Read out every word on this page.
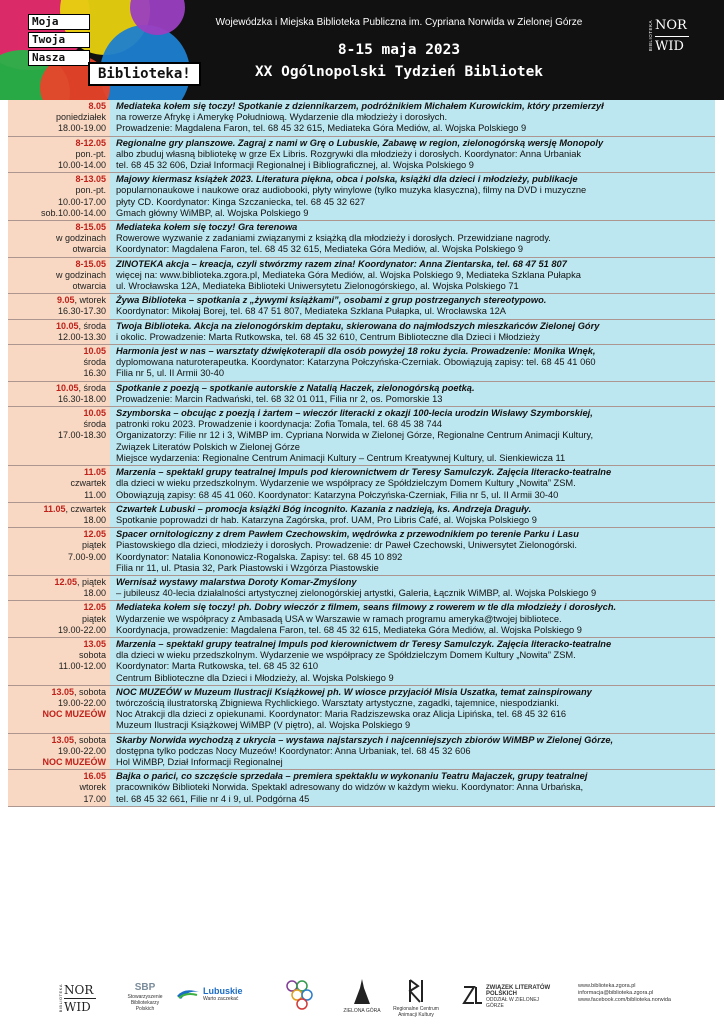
Moja
Twoja
Nasza
Biblioteka!
Wojewódzka i Miejska Biblioteka Publiczna im. Cypriana Norwida w Zielonej Górze
8-15 maja 2023
XX Ogólnopolski Tydzień Bibliotek
BIBLIOTEKA NOR
WID
8.05
poniedziałek
18.00-19.00
Mediateka kołem się toczy! Spotkanie z dziennikarzem, podróżnikiem Michałem Kurowickim, który przemierzył
na rowerze Afrykę i Amerykę Południową. Wydarzenie dla młodzieży i dorosłych.
Prowadzenie: Magdalena Faron, tel. 68 45 32 615, Mediateka Góra Mediów, al. Wojska Polskiego 9
8-12.05
pon.-pt.
10.00-14.00
Regionalne gry planszowe. Zagraj z nami w Grę o Lubuskie, Zabawę w region, zielonogórską wersję Monopoly
albo zbuduj własną bibliotekę w grze Ex Libris. Rozgrywki dla młodzieży i dorosłych. Koordynator: Anna Urbaniak
tel. 68 45 32 606, Dział Informacji Regionalnej i Bibliograficznej, al. Wojska Polskiego 9
8-13.05
pon.-pt.
10.00-17.00
sob.10.00-14.00
Majowy kiermasz książek 2023. Literatura piękna, obca i polska, książki dla dzieci i młodzieży, publikacje
popularnonaukowe i naukowe oraz audiobooki, płyty winylowe (tylko muzyka klasyczna), filmy na DVD i muzyczne
płyty CD. Koordynator: Kinga Szczaniecka, tel. 68 45 32 627
Gmach główny WiMBP, al. Wojska Polskiego 9
8-15.05
w godzinach
otwarcia
Mediateka kołem się toczy! Gra terenowa
Rowerowe wyzwanie z zadaniami związanymi z książką dla młodzieży i dorosłych. Przewidziane nagrody.
Koordynator: Magdalena Faron, tel. 68 45 32 615, Mediateka Góra Mediów, al. Wojska Polskiego 9
8-15.05
w godzinach
otwarcia
ZINOTEKA akcja – kreacja, czyli stwórzmy razem zina! Koordynator: Anna Zientarska, tel. 68 47 51 807
więcej na: www.biblioteka.zgora.pl, Mediateka Góra Mediów, al. Wojska Polskiego 9, Mediateka Szklana Pułapka
ul. Wrocławska 12A, Mediateka Biblioteki Uniwersytetu Zielonogórskiego, al. Wojska Polskiego 71
9.05, wtorek
16.30-17.30
Żywa Biblioteka – spotkania z „żywymi książkami”, osobami z grup postrzeganych stereotypowo.
Koordynator: Mikołaj Borej, tel. 68 47 51 807, Mediateka Szklana Pułapka, ul. Wrocławska 12A
10.05, środa
12.00-13.30
Twoja Biblioteka. Akcja na zielonogórskim deptaku, skierowana do najmłodszych mieszkańców Zielonej Góry
i okolic. Prowadzenie: Marta Rutkowska, tel. 68 45 32 610, Centrum Biblioteczne dla Dzieci i Młodzieży
10.05
środa
16.30
Harmonia jest w nas – warsztaty dźwiękoterapii dla osób powyżej 18 roku życia. Prowadzenie: Monika Wnęk,
dyplomowana naturoterapeutka. Koordynator: Katarzyna Połczyńska-Czerniak. Obowiązują zapisy: tel. 68 45 41 060
Filia nr 5, ul. II Armii 30-40
10.05, środa
16.30-18.00
Spotkanie z poezją – spotkanie autorskie z Natalią Haczek, zielonogórską poetką.
Prowadzenie: Marcin Radwański, tel. 68 32 01 011, Filia nr 2, os. Pomorskie 13
10.05
środa
17.00-18.30
Szymborska – obcując z poezją i żartem – wieczór literacki z okazji 100-lecia urodzin Wisławy Szymborskiej,
patronki roku 2023. Prowadzenie i koordynacja: Zofia Tomala, tel. 68 45 38 744
Organizatorzy: Filie nr 12 i 3, WiMBP im. Cypriana Norwida w Zielonej Górze, Regionalne Centrum Animacji Kultury,
Związek Literatów Polskich w Zielonej Górze
Miejsce wydarzenia: Regionalne Centrum Animacji Kultury – Centrum Kreatywnej Kultury, ul. Sienkiewicza 11
11.05
czwartek
11.00
Marzenia – spektakl grupy teatralnej Impuls pod kierownictwem dr Teresy Samulczyk. Zajęcia literacko-teatralne
dla dzieci w wieku przedszkolnym. Wydarzenie we współpracy ze Spółdzielczym Domem Kultury „Nowita” ZSM.
Obowiązują zapisy: 68 45 41 060. Koordynator: Katarzyna Połczyńska-Czerniak, Filia nr 5, ul. II Armii 30-40
11.05, czwartek
18.00
Czwartek Lubuski – promocja książki Bóg incognito. Kazania z nadzieją, ks. Andrzeja Draguły.
Spotkanie poprowadzi dr hab. Katarzyna Zagórska, prof. UAM, Pro Libris Café, al. Wojska Polskiego 9
12.05
piątek
7.00-9.00
Spacer ornitologiczny z drem Pawłem Czechowskim, wędrówka z przewodnikiem po terenie Parku i Lasu
Piastowskiego dla dzieci, młodzieży i dorosłych. Prowadzenie: dr Paweł Czechowski, Uniwersytet Zielonogórski.
Koordynator: Natalia Kononowicz-Rogalska. Zapisy: tel. 68 45 10 892
Filia nr 11, ul. Ptasia 32, Park Piastowski i Wzgórza Piastowskie
12.05, piątek
18.00
Wernisaż wystawy malarstwa Doroty Komar-Zmyślony
– jubileusz 40-lecia działalności artystycznej zielonogórskiej artystki, Galeria, Łącznik WiMBP, al. Wojska Polskiego 9
12.05
piątek
19.00-22.00
Mediateka kołem się toczy! ph. Dobry wieczór z filmem, seans filmowy z rowerem w tle dla młodzieży i dorosłych.
Wydarzenie we współpracy z Ambasadą USA w Warszawie w ramach programu ameryka@twojej bibliotece.
Koordynacja, prowadzenie: Magdalena Faron, tel. 68 45 32 615, Mediateka Góra Mediów, al. Wojska Polskiego 9
13.05
sobota
11.00-12.00
Marzenia – spektakl grupy teatralnej Impuls pod kierownictwem dr Teresy Samulczyk. Zajęcia literacko-teatralne
dla dzieci w wieku przedszkolnym. Wydarzenie we współpracy ze Spółdzielczym Domem Kultury „Nowita” ZSM.
Koordynator: Marta Rutkowska, tel. 68 45 32 610
Centrum Biblioteczne dla Dzieci i Młodzieży, al. Wojska Polskiego 9
13.05, sobota
19.00-22.00
NOC MUZEÓW
NOC MUZEÓW w Muzeum Ilustracji Książkowej ph. W wiosce przyjaciół Misia Uszatka, temat zainspirowany
twórczością ilustratorską Zbigniewa Rychlickiego. Warsztaty artystyczne, zagadki, tajemnice, niespodzianki.
Noc Atrakcji dla dzieci z opiekunami. Koordynator: Maria Radziszewska oraz Alicja Lipińska, tel. 68 45 32 616
Muzeum Ilustracji Książkowej WiMBP (V piętro), al. Wojska Polskiego 9
13.05, sobota
19.00-22.00
NOC MUZEÓW
Skarby Norwida wychodzą z ukrycia – wystawa najstarszych i najcenniejszych zbiorów WiMBP w Zielonej Górze,
dostępna tylko podczas Nocy Muzeów! Koordynator: Anna Urbaniak, tel. 68 45 32 606
Hol WiMBP, Dział Informacji Regionalnej
16.05
wtorek
17.00
Bajka o pańci, co szczęście sprzedała – premiera spektaklu w wykonaniu Teatru Majaczek, grupy teatralnej
pracowników Biblioteki Norwida. Spektakl adresowany do widzów w każdym wieku. Koordynator: Anna Urbańska,
tel. 68 45 32 661, Filie nr 4 i 9, ul. Podgórna 45
BIBLIOTEKA NOR
WID
SBP
Stowarzyszenie Bibliotekarzy Polskich
Lubuskie
Warto zaczekać
ZIELONA GÓRA	Regionalne Centrum Animacji Kultury
ZWIĄZEK LITERATÓW POLSKICH
ODDZIAŁ W ZIELONEJ GÓRZE
www.biblioteka.zgora.pl
informacja@biblioteka.zgora.pl
www.facebook.com/biblioteka.norwida
